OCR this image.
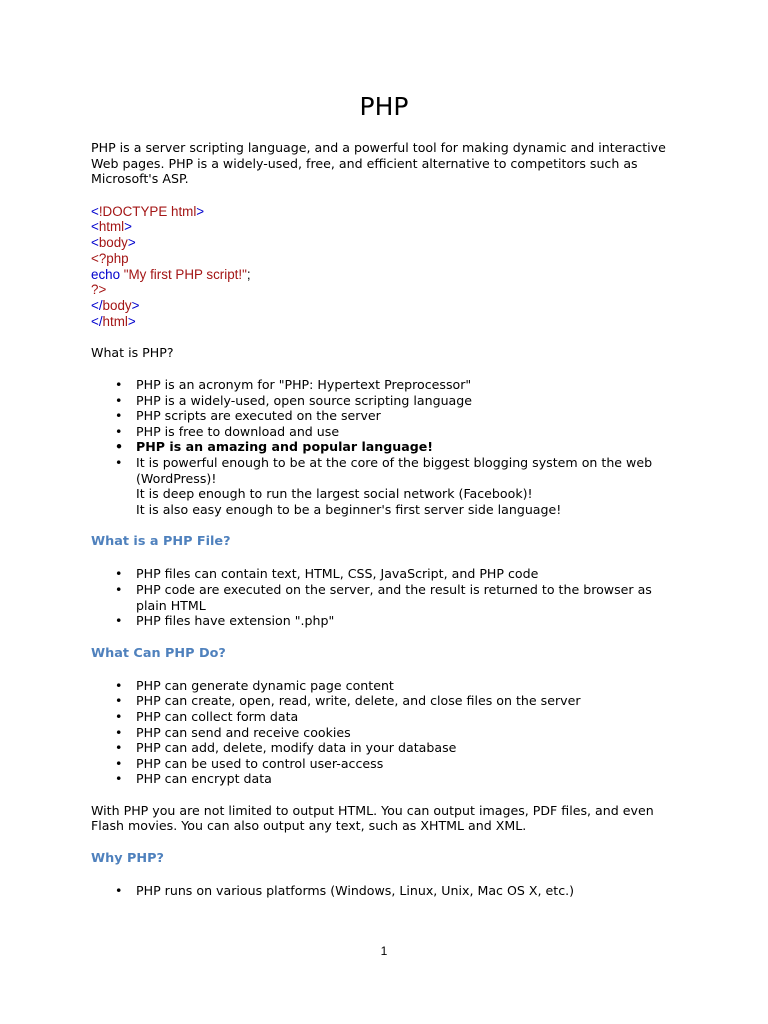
PHP

PHP is a server scripting language, and a powerful tool for making dynamic and interactive Web pages. PHP is a widely-used, free, and efficient alternative to competitors such as Microsoft's ASP.

<!DOCTYPE html>
<html>
<body>
<?php
echo "My first PHP script!";
?>
</body>
</html>

What is PHP?

• PHP is an acronym for "PHP: Hypertext Preprocessor"
• PHP is a widely-used, open source scripting language
• PHP scripts are executed on the server
• PHP is free to download and use
• PHP is an amazing and popular language!
• It is powerful enough to be at the core of the biggest blogging system on the web (WordPress)!
It is deep enough to run the largest social network (Facebook)!
It is also easy enough to be a beginner's first server side language!
What is a PHP File?
• PHP files can contain text, HTML, CSS, JavaScript, and PHP code
• PHP code are executed on the server, and the result is returned to the browser as plain HTML
• PHP files have extension ".php"
What Can PHP Do?
• PHP can generate dynamic page content
• PHP can create, open, read, write, delete, and close files on the server
• PHP can collect form data
• PHP can send and receive cookies
• PHP can add, delete, modify data in your database
• PHP can be used to control user-access
• PHP can encrypt data

With PHP you are not limited to output HTML. You can output images, PDF files, and even Flash movies. You can also output any text, such as XHTML and XML.

Why PHP?
• PHP runs on various platforms (Windows, Linux, Unix, Mac OS X, etc.)
1
